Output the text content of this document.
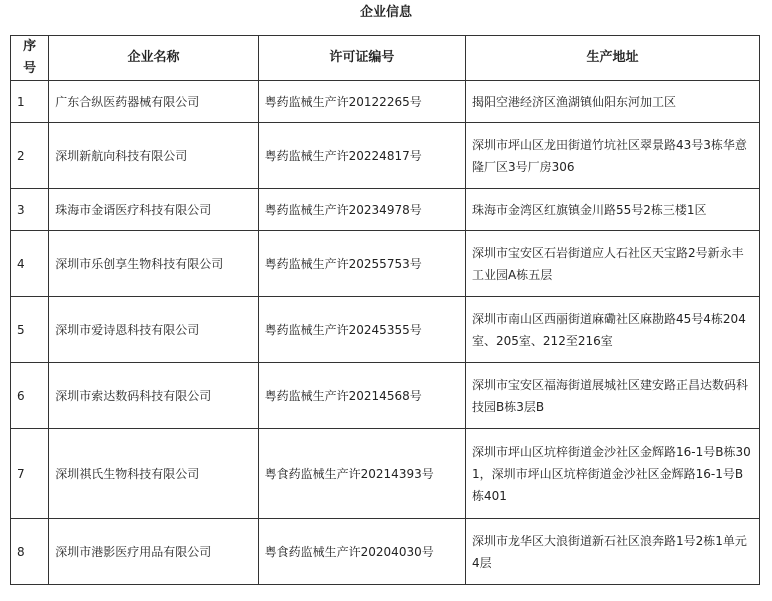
企业信息
序号	企业名称	许可证编号	生产地址
1	广东合纵医药器械有限公司	粤药监械生产许20122265号	揭阳空港经济区渔湖镇仙阳东河加工区
2	深圳新航向科技有限公司	粤药监械生产许20224817号	深圳市坪山区龙田街道竹坑社区翠景路43号3栋华意隆厂区3号厂房306
3	珠海市金谞医疗科技有限公司	粤药监械生产许20234978号	珠海市金湾区红旗镇金川路55号2栋三楼1区
4	深圳市乐创享生物科技有限公司	粤药监械生产许20255753号	深圳市宝安区石岩街道应人石社区天宝路2号新永丰工业园A栋五层
5	深圳市爱诗恩科技有限公司	粤药监械生产许20245355号	深圳市南山区西丽街道麻磡社区麻勘路45号4栋204室、205室、212至216室
6	深圳市索达数码科技有限公司	粤药监械生产许20214568号	深圳市宝安区福海街道展城社区建安路正昌达数码科技园B栋3层B
7	深圳祺氏生物科技有限公司	粤食药监械生产许20214393号	深圳市坪山区坑梓街道金沙社区金辉路16-1号B栋301，深圳市坪山区坑梓街道金沙社区金辉路16-1号B栋401
8	深圳市港影医疗用品有限公司	粤食药监械生产许20204030号	深圳市龙华区大浪街道新石社区浪奔路1号2栋1单元4层
